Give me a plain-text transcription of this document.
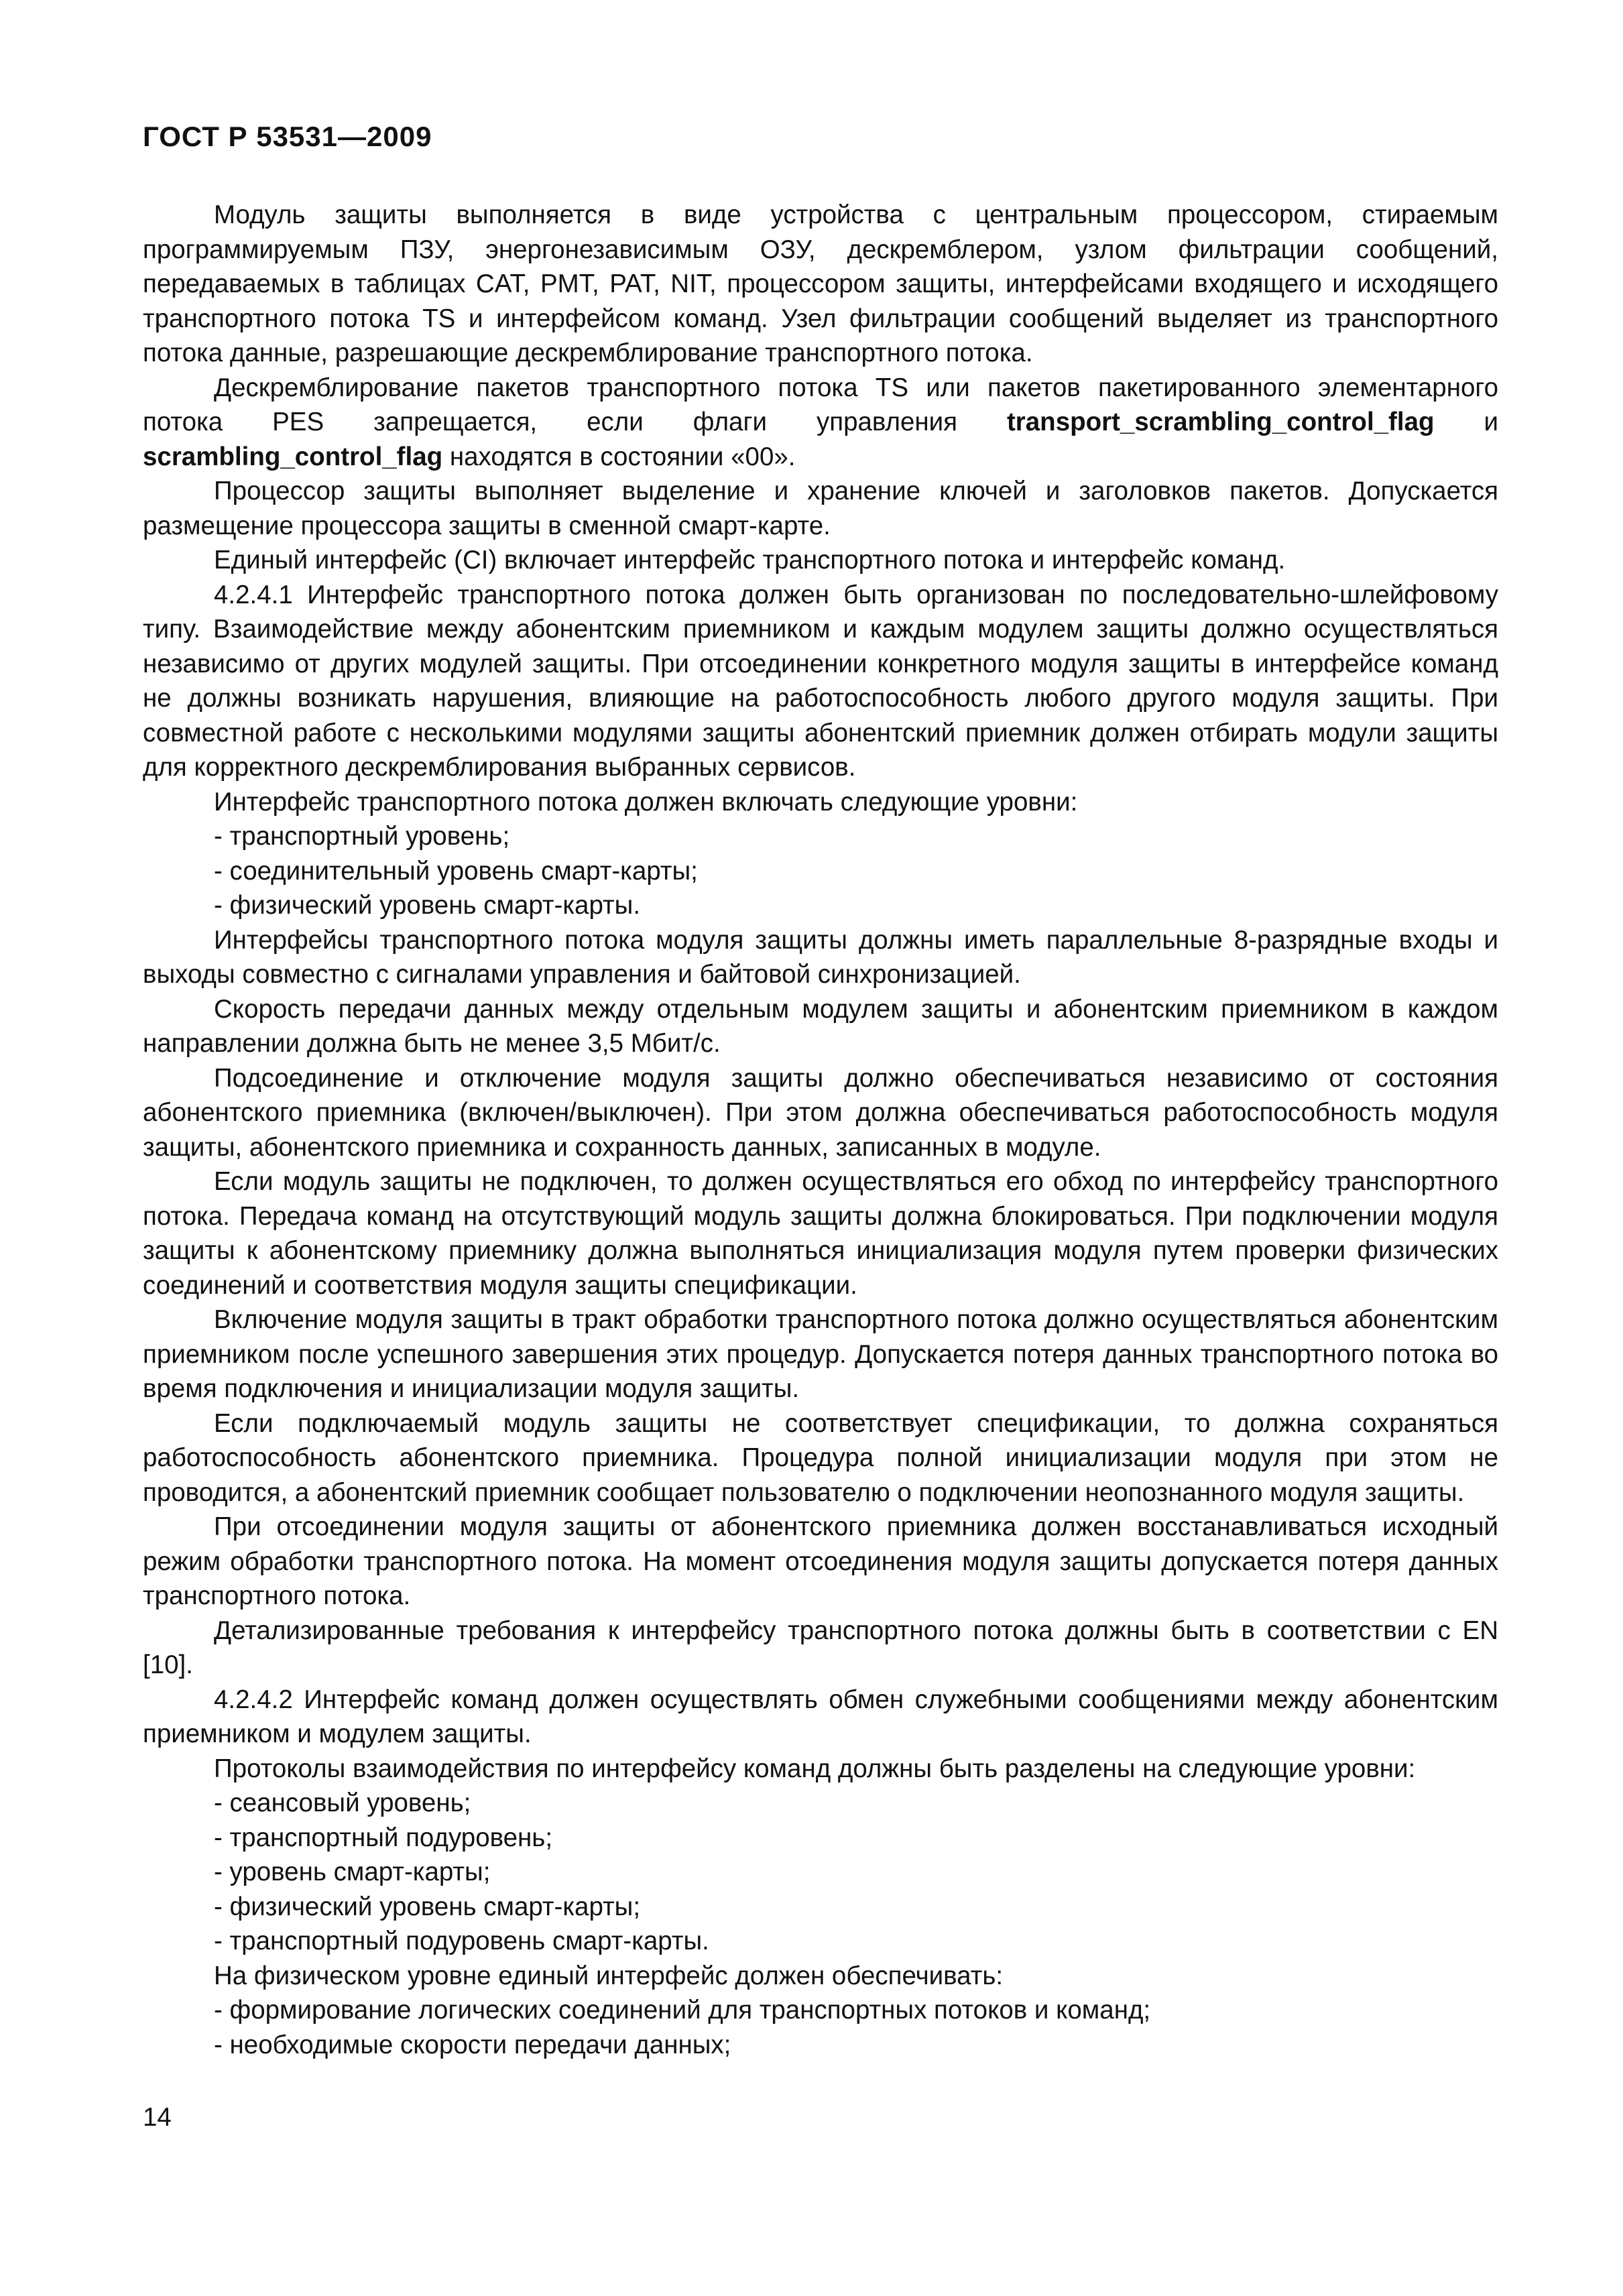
ГОСТ Р 53531—2009

Модуль защиты выполняется в виде устройства с центральным процессором, стираемым программируемым ПЗУ, энергонезависимым ОЗУ, дескремблером, узлом фильтрации сообщений, передаваемых в таблицах CAT, PMT, PAT, NIT, процессором защиты, интерфейсами входящего и исходящего транспортного потока TS и интерфейсом команд. Узел фильтрации сообщений выделяет из транспортного потока данные, разрешающие дескремблирование транспортного потока.

Дескремблирование пакетов транспортного потока TS или пакетов пакетированного элементарного потока PES запрещается, если флаги управления transport_scrambling_control_flag и scrambling_control_flag находятся в состоянии «00».

Процессор защиты выполняет выделение и хранение ключей и заголовков пакетов. Допускается размещение процессора защиты в сменной смарт-карте.

Единый интерфейс (CI) включает интерфейс транспортного потока и интерфейс команд.

4.2.4.1 Интерфейс транспортного потока должен быть организован по последовательно-шлейфовому типу. Взаимодействие между абонентским приемником и каждым модулем защиты должно осуществляться независимо от других модулей защиты. При отсоединении конкретного модуля защиты в интерфейсе команд не должны возникать нарушения, влияющие на работоспособность любого другого модуля защиты. При совместной работе с несколькими модулями защиты абонентский приемник должен отбирать модули защиты для корректного дескремблирования выбранных сервисов.

Интерфейс транспортного потока должен включать следующие уровни:

- транспортный уровень;

- соединительный уровень смарт-карты;

- физический уровень смарт-карты.

Интерфейсы транспортного потока модуля защиты должны иметь параллельные 8-разрядные входы и выходы совместно с сигналами управления и байтовой синхронизацией.

Скорость передачи данных между отдельным модулем защиты и абонентским приемником в каждом направлении должна быть не менее 3,5 Мбит/с.

Подсоединение и отключение модуля защиты должно обеспечиваться независимо от состояния абонентского приемника (включен/выключен). При этом должна обеспечиваться работоспособность модуля защиты, абонентского приемника и сохранность данных, записанных в модуле.

Если модуль защиты не подключен, то должен осуществляться его обход по интерфейсу транспортного потока. Передача команд на отсутствующий модуль защиты должна блокироваться. При подключении модуля защиты к абонентскому приемнику должна выполняться инициализация модуля путем проверки физических соединений и соответствия модуля защиты спецификации.

Включение модуля защиты в тракт обработки транспортного потока должно осуществляться абонентским приемником после успешного завершения этих процедур. Допускается потеря данных транспортного потока во время подключения и инициализации модуля защиты.

Если подключаемый модуль защиты не соответствует спецификации, то должна сохраняться работоспособность абонентского приемника. Процедура полной инициализации модуля при этом не проводится, а абонентский приемник сообщает пользователю о подключении неопознанного модуля защиты.

При отсоединении модуля защиты от абонентского приемника должен восстанавливаться исходный режим обработки транспортного потока. На момент отсоединения модуля защиты допускается потеря данных транспортного потока.

Детализированные требования к интерфейсу транспортного потока должны быть в соответствии с EN [10].

4.2.4.2 Интерфейс команд должен осуществлять обмен служебными сообщениями между абонентским приемником и модулем защиты.

Протоколы взаимодействия по интерфейсу команд должны быть разделены на следующие уровни:

- сеансовый уровень;

- транспортный подуровень;

- уровень смарт-карты;

- физический уровень смарт-карты;

- транспортный подуровень смарт-карты.

На физическом уровне единый интерфейс должен обеспечивать:

- формирование логических соединений для транспортных потоков и команд;

- необходимые скорости передачи данных;

14
